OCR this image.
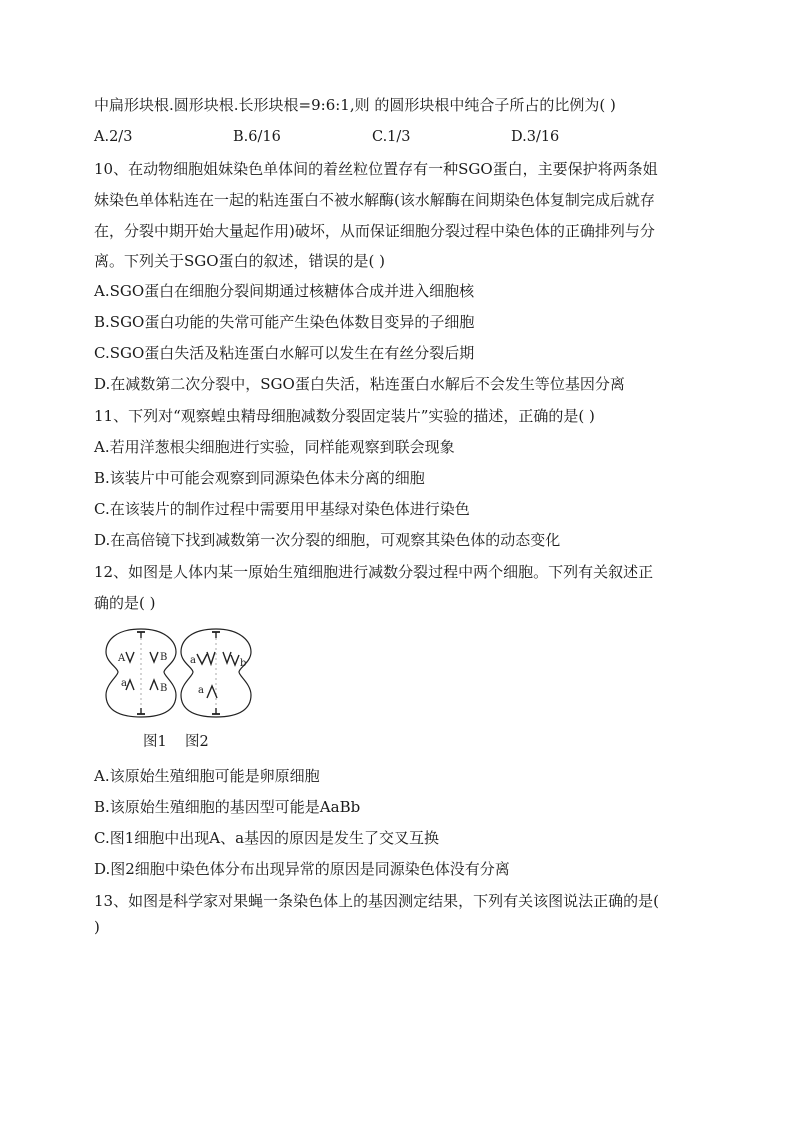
中扁形块根.圆形块根.长形块根=9:6:1,则 的圆形块根中纯合子所占的比例为( )
A.2/3	B.6/16	C.1/3	D.3/16
10、在动物细胞姐妹染色单体间的着丝粒位置存有一种SGO蛋白，主要保护将两条姐
妹染色单体粘连在一起的粘连蛋白不被水解酶(该水解酶在间期染色体复制完成后就存
在，分裂中期开始大量起作用)破坏，从而保证细胞分裂过程中染色体的正确排列与分
离。下列关于SGO蛋白的叙述，错误的是( )
A.SGO蛋白在细胞分裂间期通过核糖体合成并进入细胞核
B.SGO蛋白功能的失常可能产生染色体数目变异的子细胞
C.SGO蛋白失活及粘连蛋白水解可以发生在有丝分裂后期
D.在减数第二次分裂中，SGO蛋白失活，粘连蛋白水解后不会发生等位基因分离
11、下列对“观察蝗虫精母细胞减数分裂固定装片”实验的描述，正确的是( )
A.若用洋葱根尖细胞进行实验，同样能观察到联会现象
B.该装片中可能会观察到同源染色体未分离的细胞
C.在该装片的制作过程中需要用甲基绿对染色体进行染色
D.在高倍镜下找到减数第一次分裂的细胞，可观察其染色体的动态变化
12、如图是人体内某一原始生殖细胞进行减数分裂过程中两个细胞。下列有关叙述正
确的是( )
A	B
a	B
a	b
a
图1 图2
A.该原始生殖细胞可能是卵原细胞
B.该原始生殖细胞的基因型可能是AaBb
C.图1细胞中出现A、a基因的原因是发生了交叉互换
D.图2细胞中染色体分布出现异常的原因是同源染色体没有分离
13、如图是科学家对果蝇一条染色体上的基因测定结果，下列有关该图说法正确的是(
)
